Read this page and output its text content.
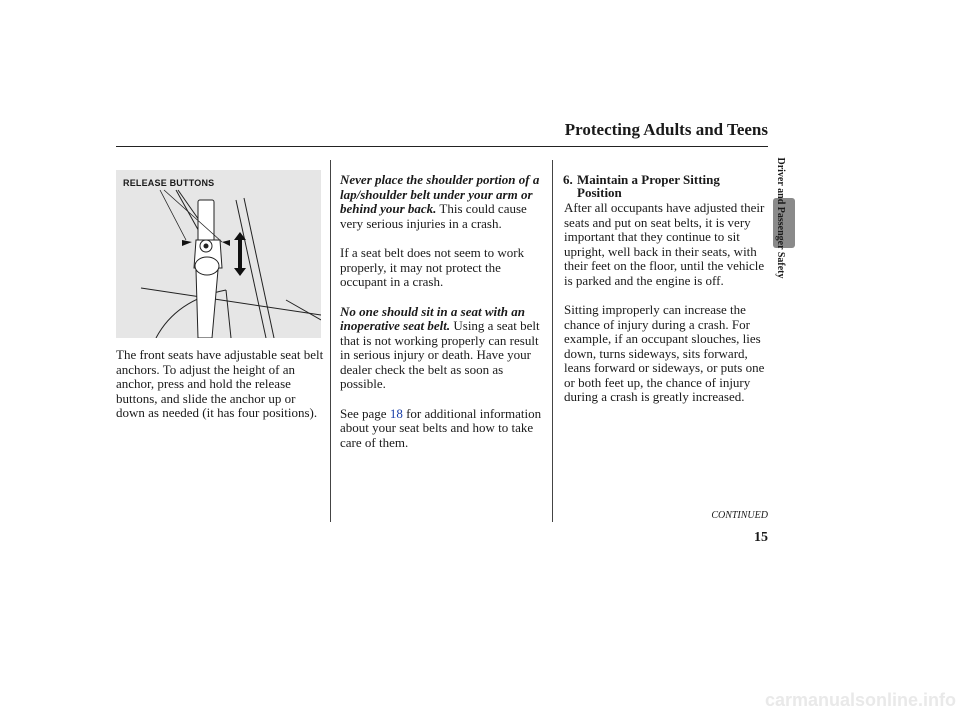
Protecting Adults and Teens
RELEASE BUTTONS

The front seats have adjustable seat belt anchors. To adjust the height of an anchor, press and hold the release buttons, and slide the anchor up or down as needed (it has four positions).

Never place the shoulder portion of a lap/shoulder belt under your arm or behind your back. This could cause very serious injuries in a crash.

If a seat belt does not seem to work properly, it may not protect the occupant in a crash.

No one should sit in a seat with an inoperative seat belt. Using a seat belt that is not working properly can result in serious injury or death. Have your dealer check the belt as soon as possible.

See page 18 for additional information about your seat belts and how to take care of them.

6. Maintain a Proper Sitting
Position

After all occupants have adjusted their seats and put on seat belts, it is very important that they continue to sit upright, well back in their seats, with their feet on the floor, until the vehicle is parked and the engine is off.

Sitting improperly can increase the chance of injury during a crash. For example, if an occupant slouches, lies down, turns sideways, sits forward, leans forward or sideways, or puts one or both feet up, the chance of injury during a crash is greatly increased.

Driver and Passenger Safety
CONTINUED
15
carmanualsonline.info
